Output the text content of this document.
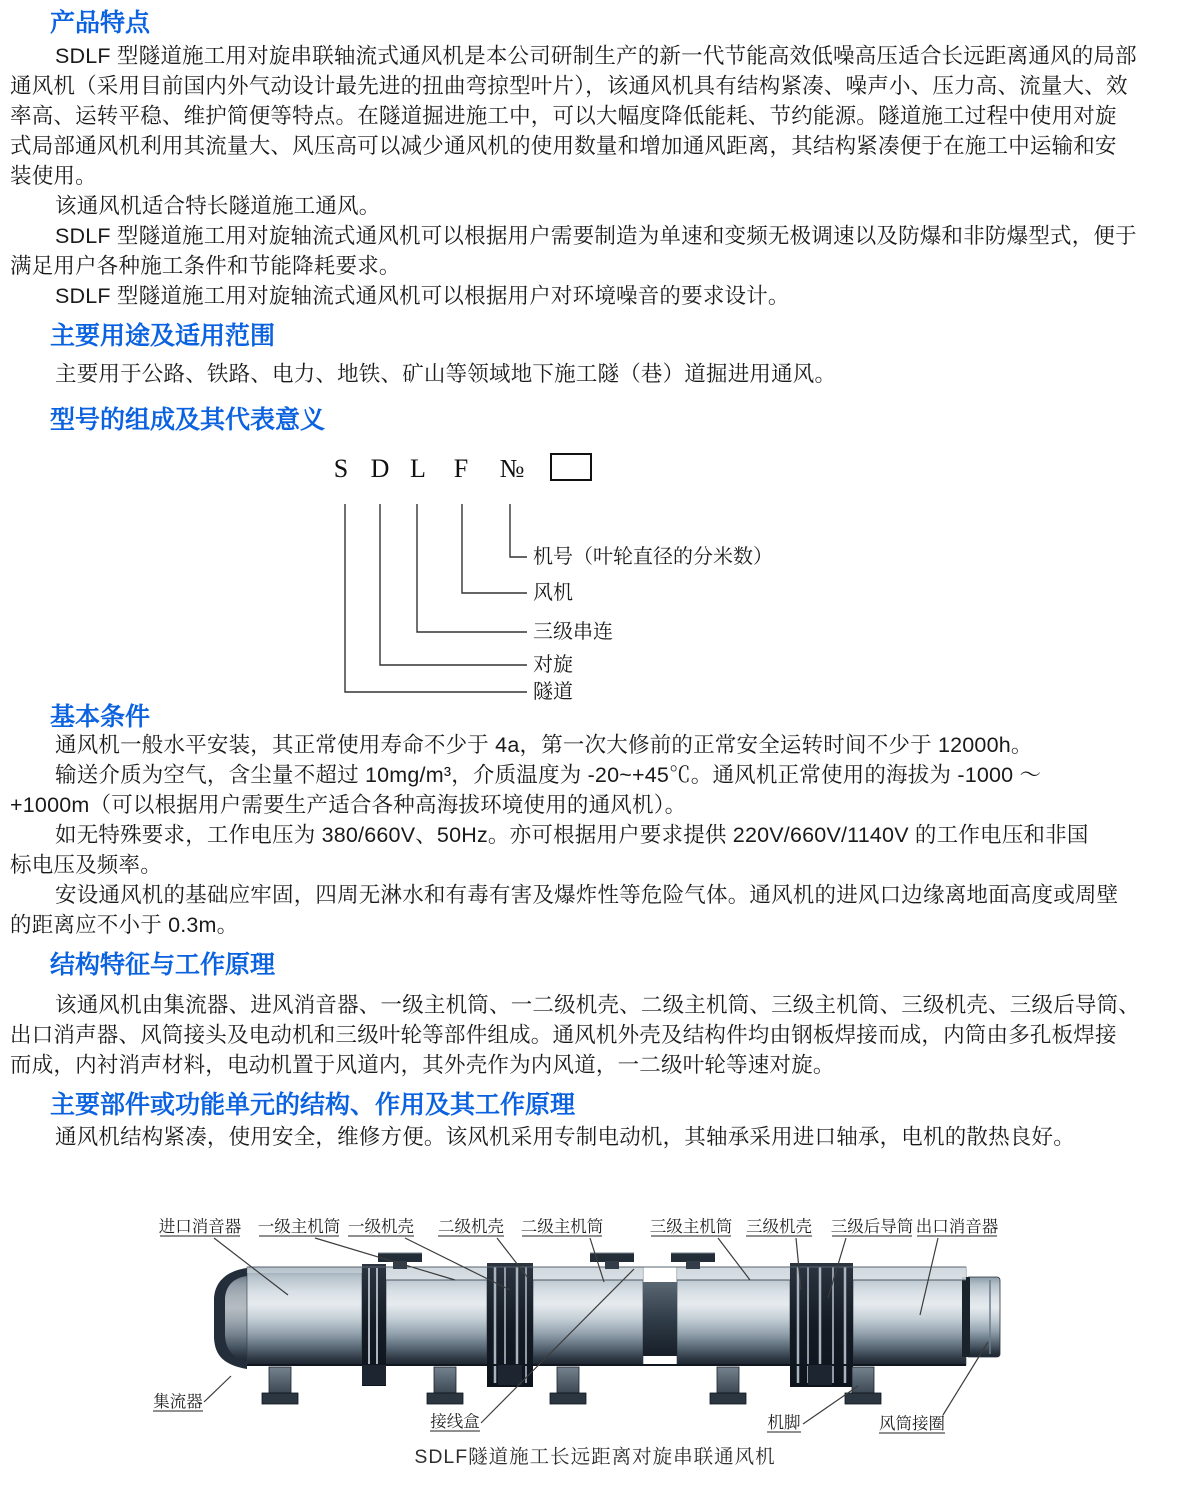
产品特点
SDLF 型隧道施工用对旋串联轴流式通风机是本公司研制生产的新一代节能高效低噪高压适合长远距离通风的局部
通风机（采用目前国内外气动设计最先进的扭曲弯掠型叶片），该通风机具有结构紧凑、噪声小、压力高、流量大、效
率高、运转平稳、维护简便等特点。在隧道掘进施工中，可以大幅度降低能耗、节约能源。隧道施工过程中使用对旋
式局部通风机利用其流量大、风压高可以减少通风机的使用数量和增加通风距离，其结构紧凑便于在施工中运输和安
装使用。
该通风机适合特长隧道施工通风。
SDLF 型隧道施工用对旋轴流式通风机可以根据用户需要制造为单速和变频无极调速以及防爆和非防爆型式，便于
满足用户各种施工条件和节能降耗要求。
SDLF 型隧道施工用对旋轴流式通风机可以根据用户对环境噪音的要求设计。
主要用途及适用范围
主要用于公路、铁路、电力、地铁、矿山等领域地下施工隧（巷）道掘进用通风。
型号的组成及其代表意义
S D L F №
机号（叶轮直径的分米数）
风机
三级串连
对旋
隧道
基本条件
通风机一般水平安装，其正常使用寿命不少于 4a，第一次大修前的正常安全运转时间不少于 12000h。
输送介质为空气，含尘量不超过 10mg/m³，介质温度为 -20~+45℃。通风机正常使用的海拔为 -1000 ～
+1000m（可以根据用户需要生产适合各种高海拔环境使用的通风机）。
如无特殊要求，工作电压为 380/660V、50Hz。亦可根据用户要求提供 220V/660V/1140V 的工作电压和非国
标电压及频率。
安设通风机的基础应牢固，四周无淋水和有毒有害及爆炸性等危险气体。通风机的进风口边缘离地面高度或周壁
的距离应不小于 0.3m。
结构特征与工作原理
该通风机由集流器、进风消音器、一级主机筒、一二级机壳、二级主机筒、三级主机筒、三级机壳、三级后导筒、
出口消声器、风筒接头及电动机和三级叶轮等部件组成。通风机外壳及结构件均由钢板焊接而成，内筒由多孔板焊接
而成，内衬消声材料，电动机置于风道内，其外壳作为内风道，一二级叶轮等速对旋。
主要部件或功能单元的结构、作用及其工作原理
通风机结构紧凑，使用安全，维修方便。该风机采用专制电动机，其轴承采用进口轴承，电机的散热良好。
进口消音器 一级主机筒 一级机壳 二级机壳 二级主机筒	三级主机筒 三级机壳 三级后导筒 出口消音器
集流器
接线盒	机脚	风筒接圈
SDLF隧道施工长远距离对旋串联通风机
